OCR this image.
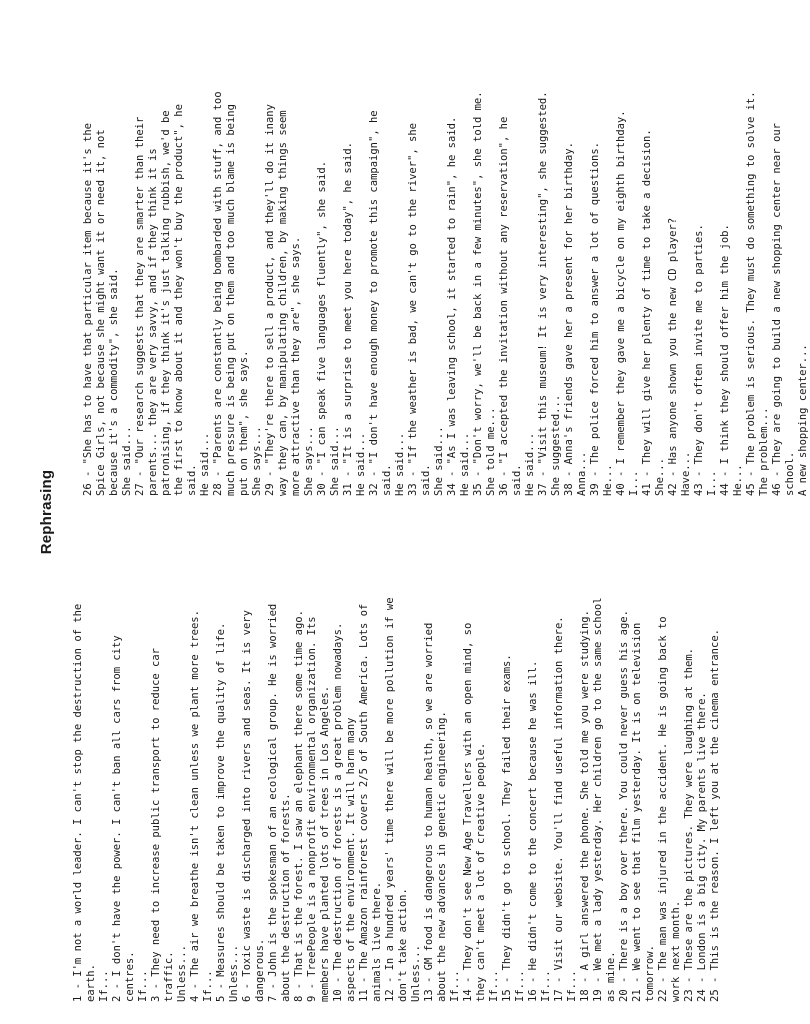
Rephrasing
1 - I'm not a world leader. I can't stop the destruction of the earth. If... 2 - I don't have the power. I can't ban all cars from city centres. If... 3 - They need to increase public transport to reduce car traffic. Unless... 4 - The air we breathe isn't clean unless we plant more trees. If... 5 - Measures should be taken to improve the quality of life. Unless... 6 - Toxic waste is discharged into rivers and seas. It is very dangerous. 7 - John is the spokesman of an ecological group. He is worried about the destruction of forests. 8 - That is the forest. I saw an elephant there some time ago. 9 - TreePeople is a nonprofit environmental organization. Its members have planted lots of trees in Los Angeles. 10 - The destruction of forests is a great problem nowadays. aspects of the environment. It will harm many 11 - The Amazon rainforest covers 2/5 of South America. Lots of animals live there. 12 - In a hundred years' time there will be more pollution if we don't take action. Unless... 13 - GM food is dangerous to human health, so we are worried about the new advances in genetic engineering. If... 14 - They don't see New Age Travellers with an open mind, so they can't meet a lot of creative people. If... 15 - They didn't go to school. They failed their exams. If... 16 - He didn't come to the concert because he was ill. If... 17 - Visit our website. You'll find useful information there. If... 18 - A girl answered the phone. She told me you were studying. 19 - We met a lady yesterday. Her children go to the same school as mine. 20 - There is a boy over there. You could never guess his age. 21 - We went to see that film yesterday. It is on television tomorrow. 22 - The man was injured in the accident. He is going back to work next month. 23 - These are the pictures. They were laughing at them. 24 - London is a big city. My parents live there. 25 - This is the reason. I left you at the cinema entrance.
26 - "She has to have that particular item because it's the Spice Girls, not because she might want it or need it, not because it's a commodity", she said. She said... 27 - "Our research suggests that they are smarter than their parents... they are very savvy, and if they think it is patronising, if they think it's just talking rubbish, we'd be the first to know about it and they won't buy the product", he said. He said... 28 - "Parents are constantly being bombarded with stuff, and too much pressure is being put on them and too much blame is being put on them", she says. She says... 29 - "They're there to sell a product, and they'll do it inany way they can, by manipulating children, by making things seem more attractive than they are", she says. She says... 30 - "I can speak five languages fluently", she said. She said... 31 - "It is a surprise to meet you here today", he said. He said... 32 - "I don't have enough money to promote this campaign", he said. He said... 33 - "If the weather is bad, we can't go to the river", she said. She said... 34 - "As I was leaving school, it started to rain", he said. He said... 35 - "Don't worry, we'll be back in a few minutes", she told me. She told me... 36 - "I accepted the invitation without any reservation", he said. He said... 37 - "Visit this museum! It is very interesting", she suggested. She suggested... 38 - Anna's friends gave her a present for her birthday. Anna... 39 - The police forced him to answer a lot of questions. He... 40 - I remember they gave me a bicycle on my eighth birthday. I... 41 - They will give her plenty of time to take a decision. She... 42 - Has anyone shown you the new CD player? Have... 43 - They don't often invite me to parties. I... 44 - I think they should offer him the job. He... 45 - The problem is serious. They must do something to solve it. The problem... 46 - They are going to build a new shopping center near our school. A new shopping center...
